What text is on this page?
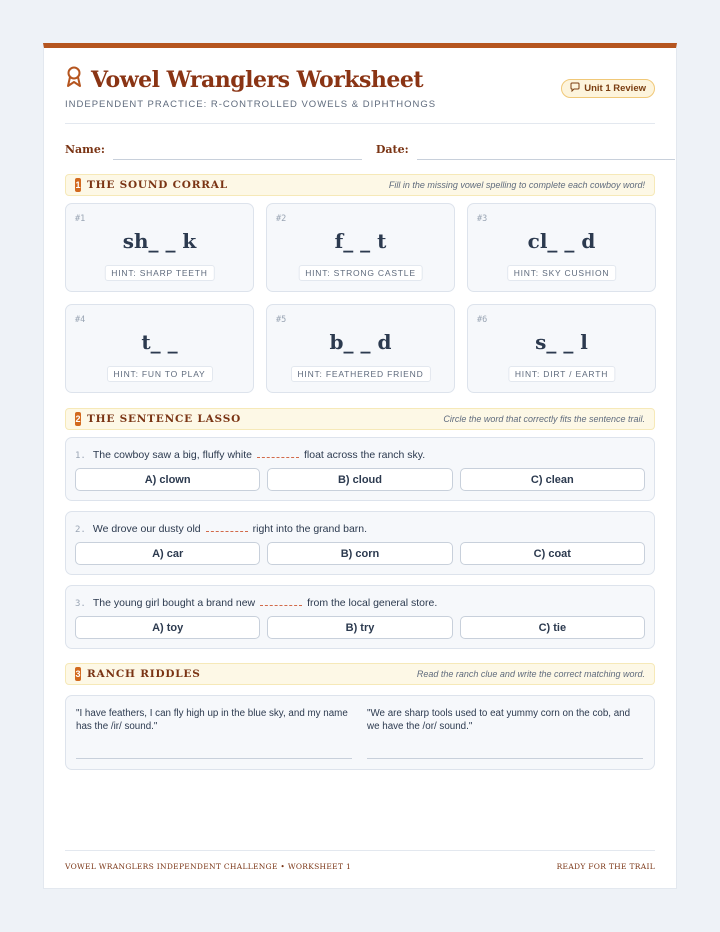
Vowel Wranglers Worksheet
INDEPENDENT PRACTICE: R-CONTROLLED VOWELS & DIPHTHONGS
Unit 1 Review
Name:	Date:
1 THE SOUND CORRAL	Fill in the missing vowel spelling to complete each cowboy word!
#1
sh_ _ k
HINT: SHARP TEETH
#2
f_ _ t
HINT: STRONG CASTLE
#3
cl_ _ d
HINT: SKY CUSHION
#4
t_ _
HINT: FUN TO PLAY
#5
b_ _ d
HINT: FEATHERED FRIEND
#6
s_ _ l
HINT: DIRT / EARTH
2 THE SENTENCE LASSO	Circle the word that correctly fits the sentence trail.
1. The cowboy saw a big, fluffy white	float across the ranch sky.
A) clown	B) cloud	C) clean
2. We drove our dusty old	right into the grand barn.
A) car	B) corn	C) coat
3. The young girl bought a brand new	from the local general store.
A) toy	B) try	C) tie
3 RANCH RIDDLES	Read the ranch clue and write the correct matching word.
"I have feathers, I can fly high up in the blue sky, and my name has the /ir/ sound."
"We are sharp tools used to eat yummy corn on the cob, and we have the /or/ sound."
VOWEL WRANGLERS INDEPENDENT CHALLENGE • WORKSHEET 1	READY FOR THE TRAIL
